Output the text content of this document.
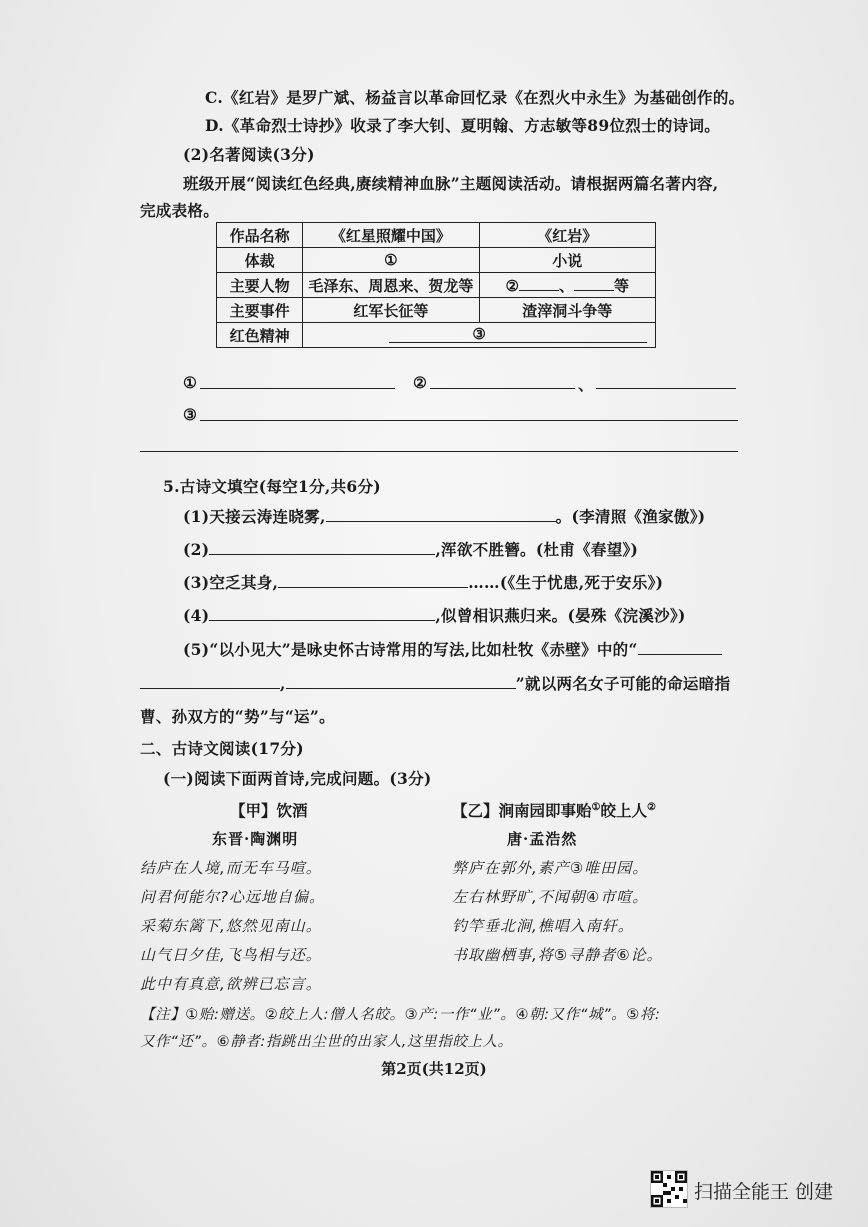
C.《红岩》是罗广斌、杨益言以革命回忆录《在烈火中永生》为基础创作的。
D.《革命烈士诗抄》收录了李大钊、夏明翰、方志敏等89位烈士的诗词。
(2)名著阅读(3分)
班级开展“阅读红色经典,赓续精神血脉”主题阅读活动。请根据两篇名著内容,
完成表格。
作品名称	《红星照耀中国》	《红岩》
体裁	①	小说
主要人物	毛泽东、周恩来、贺龙等	② 、 等
主要事件	红军长征等	渣滓洞斗争等
红色精神	③	
①	②	、
③
5.古诗文填空(每空1分,共6分)
(1)天接云涛连晓雾,	。(李清照《渔家傲》)
(2)	,浑欲不胜簪。(杜甫《春望》)
(3)空乏其身,	……(《生于忧患,死于安乐》)
(4)	,似曾相识燕归来。(晏殊《浣溪沙》)
(5)“以小见大”是咏史怀古诗常用的写法,比如杜牧《赤壁》中的“
,	”就以两名女子可能的命运暗指
曹、孙双方的“势”与“运”。
二、古诗文阅读(17分)
(一)阅读下面两首诗,完成问题。(3分)
【甲】饮酒
东晋·陶渊明
结庐在人境,而无车马喧。
问君何能尔?心远地自偏。
采菊东篱下,悠然见南山。
山气日夕佳,飞鸟相与还。
此中有真意,欲辨已忘言。
【乙】涧南园即事贻①皎上人②
唐·孟浩然
弊庐在郭外,素产③唯田园。
左右林野旷,不闻朝④市喧。
钓竿垂北涧,樵唱入南轩。
书取幽栖事,将⑤寻静者⑥论。
【注】①贻:赠送。②皎上人:僧人名皎。③产:一作“业”。④朝:又作“城”。⑤将:
又作“还”。⑥静者:指跳出尘世的出家人,这里指皎上人。
第2页(共12页)
扫描全能王 创建
